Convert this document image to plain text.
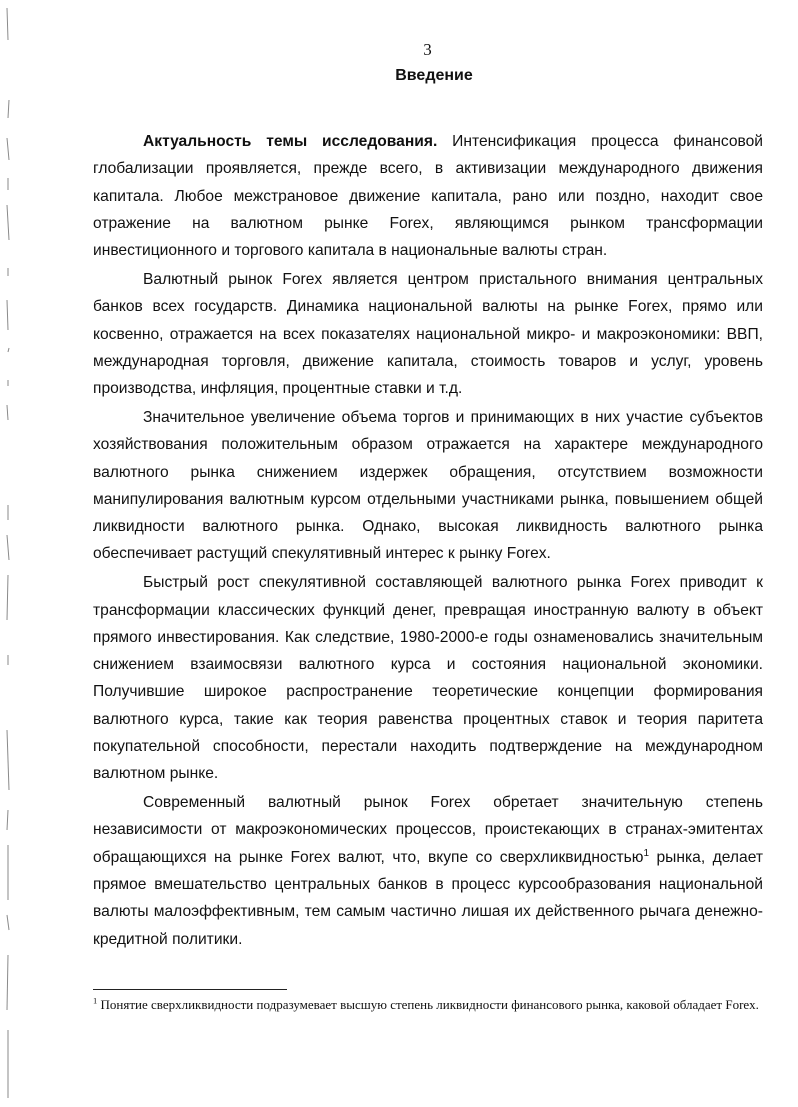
3
Введение

Актуальность темы исследования. Интенсификация процесса финансовой глобализации проявляется, прежде всего, в активизации международного движения капитала. Любое межстрановое движение капитала, рано или поздно, находит свое отражение на валютном рынке Forex, являющимся рынком трансформации инвестиционного и торгового капитала в национальные валюты стран.

Валютный рынок Forex является центром пристального внимания центральных банков всех государств. Динамика национальной валюты на рынке Forex, прямо или косвенно, отражается на всех показателях национальной микро- и макроэкономики: ВВП, международная торговля, движение капитала, стоимость товаров и услуг, уровень производства, инфляция, процентные ставки и т.д.

Значительное увеличение объема торгов и принимающих в них участие субъектов хозяйствования положительным образом отражается на характере международного валютного рынка снижением издержек обращения, отсутствием возможности манипулирования валютным курсом отдельными участниками рынка, повышением общей ликвидности валютного рынка. Однако, высокая ликвидность валютного рынка обеспечивает растущий спекулятивный интерес к рынку Forex.

Быстрый рост спекулятивной составляющей валютного рынка Forex приводит к трансформации классических функций денег, превращая иностранную валюту в объект прямого инвестирования. Как следствие, 1980-2000-е годы ознаменовались значительным снижением взаимосвязи валютного курса и состояния национальной экономики. Получившие широкое распространение теоретические концепции формирования валютного курса, такие как теория равенства процентных ставок и теория паритета покупательной способности, перестали находить подтверждение на международном валютном рынке.

Современный валютный рынок Forex обретает значительную степень независимости от макроэкономических процессов, проистекающих в странах-эмитентах обращающихся на рынке Forex валют, что, вкупе со сверхликвидностью$^1$ рынка, делает прямое вмешательство центральных банков в процесс курсообразования национальной валюты малоэффективным, тем самым частично лишая их действенного рычага денежно-кредитной политики.

$^1$ Понятие сверхликвидности подразумевает высшую степень ликвидности финансового рынка, каковой обладает Forex.
